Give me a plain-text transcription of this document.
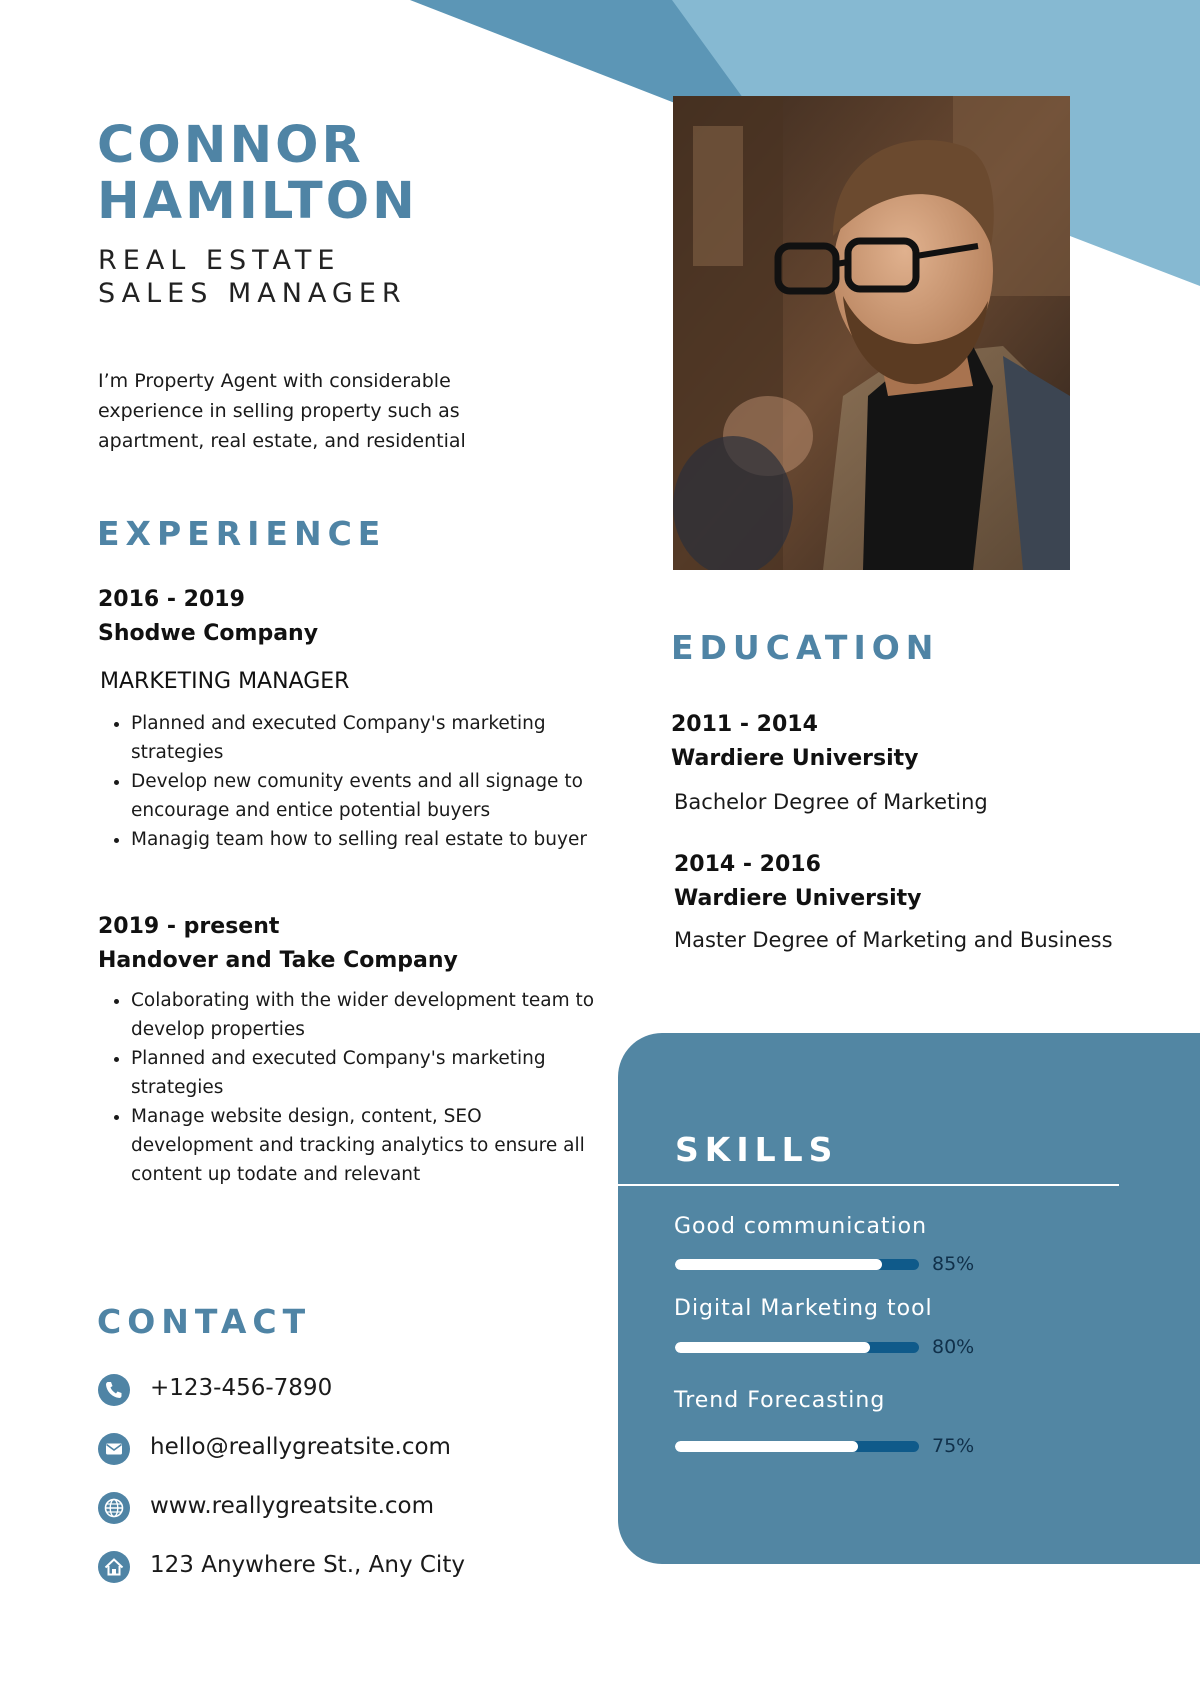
CONNOR
HAMILTON

REAL ESTATE
SALES MANAGER

I’m Property Agent with considerable experience in selling property such as apartment, real estate, and residential

EXPERIENCE
2016 - 2019
Shodwe Company
MARKETING MANAGER
• Planned and executed Company's marketing strategies
• Develop new comunity events and all signage to encourage and entice potential buyers
• Managig team how to selling real estate to buyer
2019 - present
Handover and Take Company
• Colaborating with the wider development team to develop properties
• Planned and executed Company's marketing strategies
• Manage website design, content, SEO development and tracking analytics to ensure all content up todate and relevant
EDUCATION
2011 - 2014
Wardiere University
Bachelor Degree of Marketing
2014 - 2016
Wardiere University
Master Degree of Marketing and Business
SKILLS
Good communication
85%
Digital Marketing tool
80%
Trend Forecasting
75%
CONTACT
+123-456-7890
hello@reallygreatsite.com
www.reallygreatsite.com
123 Anywhere St., Any City
